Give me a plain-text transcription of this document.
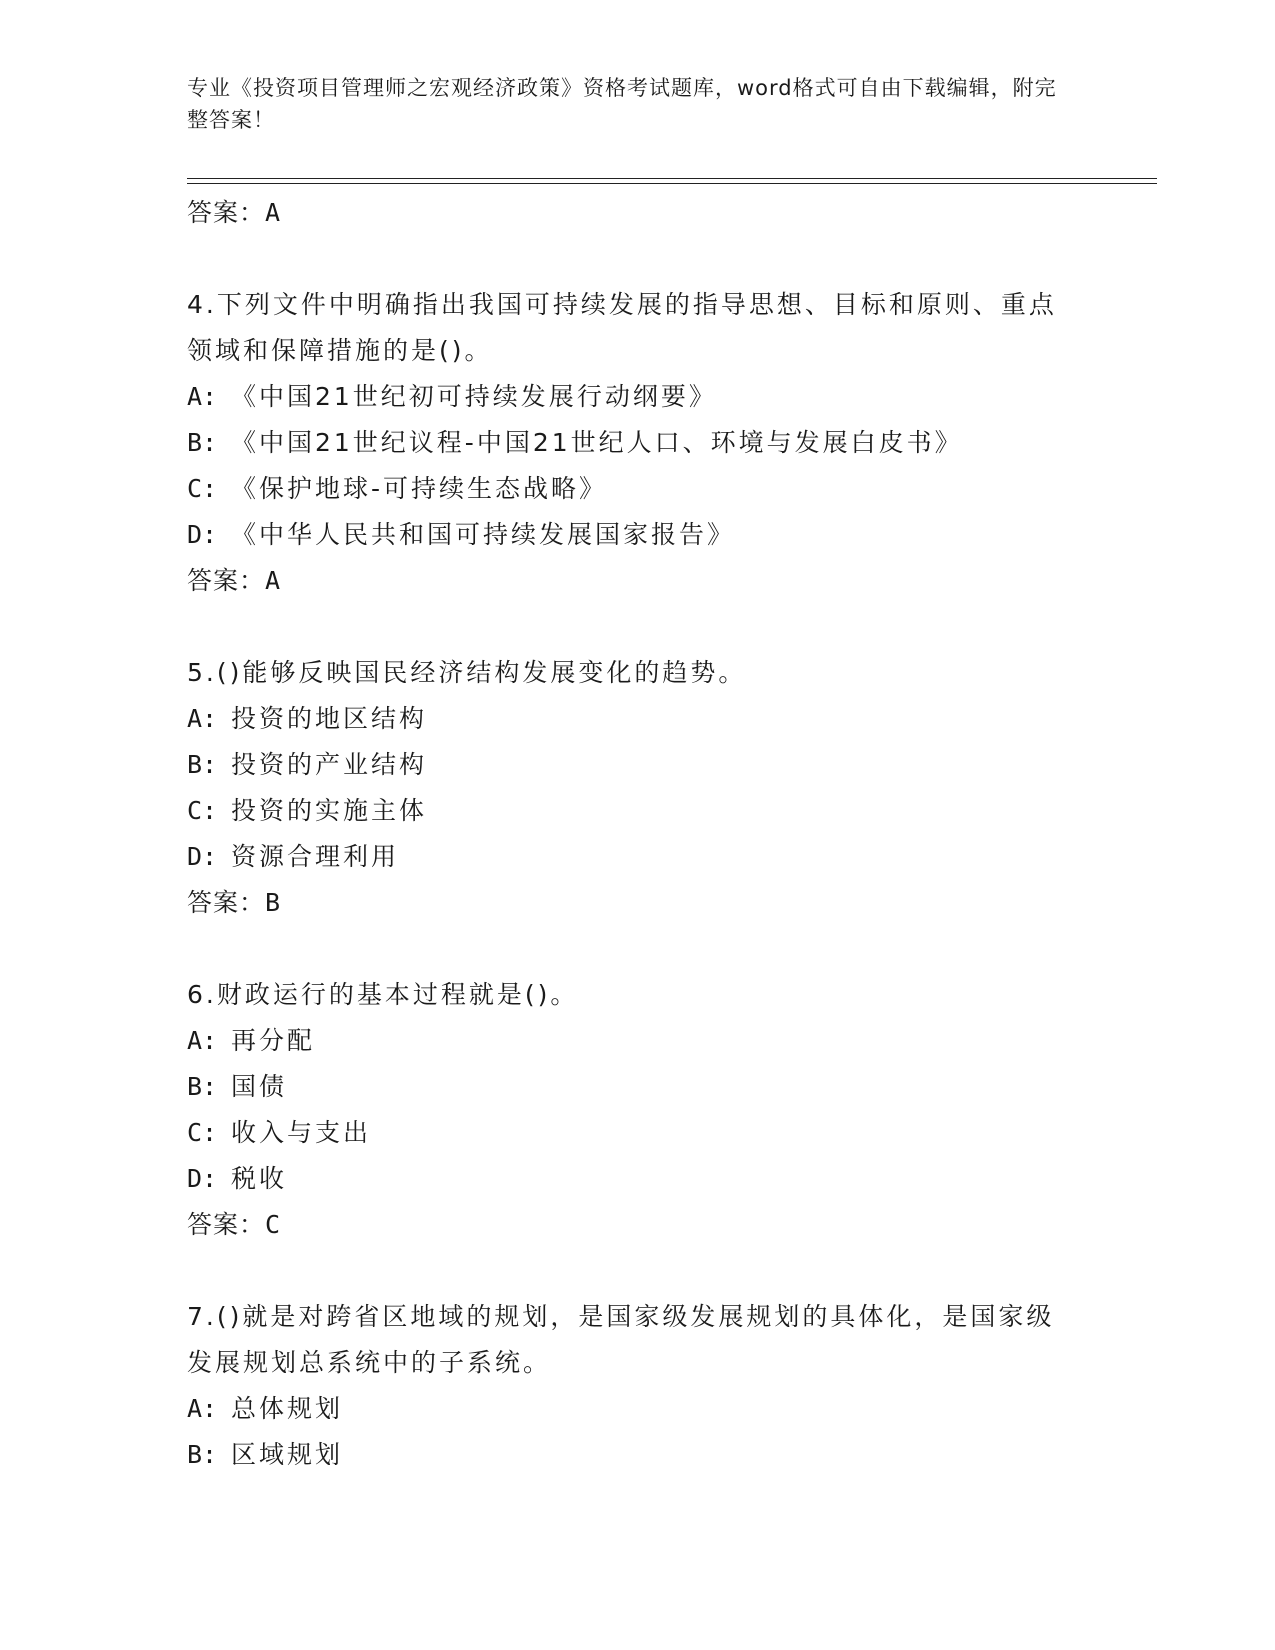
专业《投资项目管理师之宏观经济政策》资格考试题库，word格式可自由下载编辑，附完整答案！
答案：A
4.下列文件中明确指出我国可持续发展的指导思想、目标和原则、重点领域和保障措施的是()。
A: 《中国21世纪初可持续发展行动纲要》
B: 《中国21世纪议程-中国21世纪人口、环境与发展白皮书》
C: 《保护地球-可持续生态战略》
D: 《中华人民共和国可持续发展国家报告》
答案：A
5.()能够反映国民经济结构发展变化的趋势。
A: 投资的地区结构
B: 投资的产业结构
C: 投资的实施主体
D: 资源合理利用
答案：B
6.财政运行的基本过程就是()。
A: 再分配
B: 国债
C: 收入与支出
D: 税收
答案：C
7.()就是对跨省区地域的规划，是国家级发展规划的具体化，是国家级发展规划总系统中的子系统。
A: 总体规划
B: 区域规划
